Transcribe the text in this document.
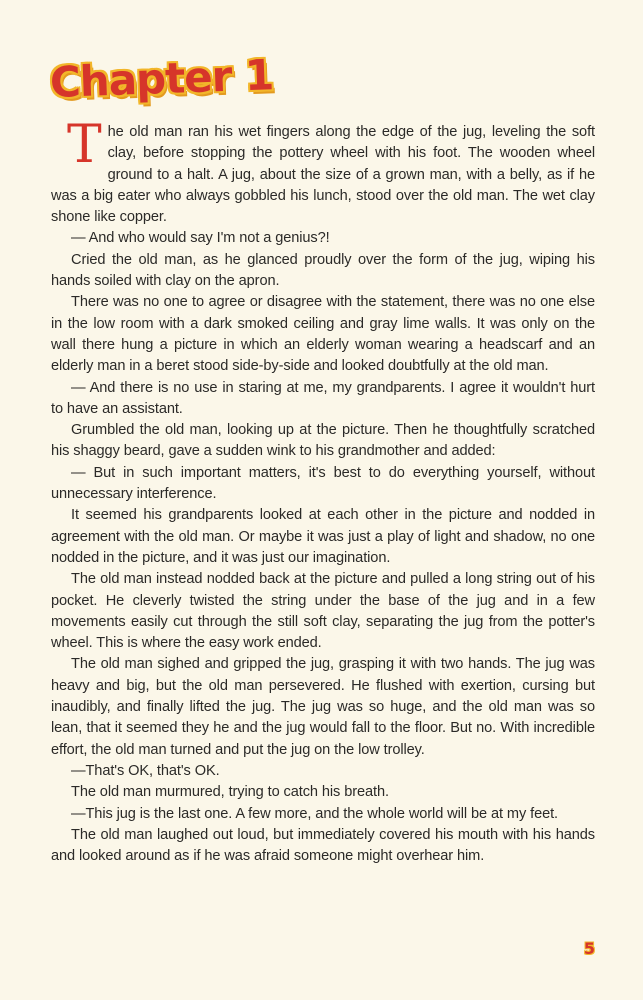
Chapter 1

The old man ran his wet fingers along the edge of the jug, leveling the soft clay, before stopping the pottery wheel with his foot. The wooden wheel ground to a halt. A jug, about the size of a grown man, with a belly, as if he was a big eater who always gobbled his lunch, stood over the old man. The wet clay shone like copper.

— And who would say I'm not a genius?!

Cried the old man, as he glanced proudly over the form of the jug, wiping his hands soiled with clay on the apron.

There was no one to agree or disagree with the statement, there was no one else in the low room with a dark smoked ceiling and gray lime walls. It was only on the wall there hung a picture in which an elderly woman wearing a headscarf and an elderly man in a beret stood side-by-side and looked doubtfully at the old man.

— And there is no use in staring at me, my grandparents. I agree it wouldn't hurt to have an assistant.

Grumbled the old man, looking up at the picture. Then he thoughtfully scratched his shaggy beard, gave a sudden wink to his grandmother and added:

— But in such important matters, it's best to do everything yourself, without unnecessary interference.

It seemed his grandparents looked at each other in the picture and nodded in agreement with the old man. Or maybe it was just a play of light and shadow, no one nodded in the picture, and it was just our imagination.

The old man instead nodded back at the picture and pulled a long string out of his pocket. He cleverly twisted the string under the base of the jug and in a few movements easily cut through the still soft clay, separating the jug from the potter's wheel. This is where the easy work ended.

The old man sighed and gripped the jug, grasping it with two hands. The jug was heavy and big, but the old man persevered. He flushed with exertion, cursing but inaudibly, and finally lifted the jug. The jug was so huge, and the old man was so lean, that it seemed they he and the jug would fall to the floor. But no. With incredible effort, the old man turned and put the jug on the low trolley.

—That's OK, that's OK.

The old man murmured, trying to catch his breath.

—This jug is the last one. A few more, and the whole world will be at my feet.

The old man laughed out loud, but immediately covered his mouth with his hands and looked around as if he was afraid someone might overhear him.

5
